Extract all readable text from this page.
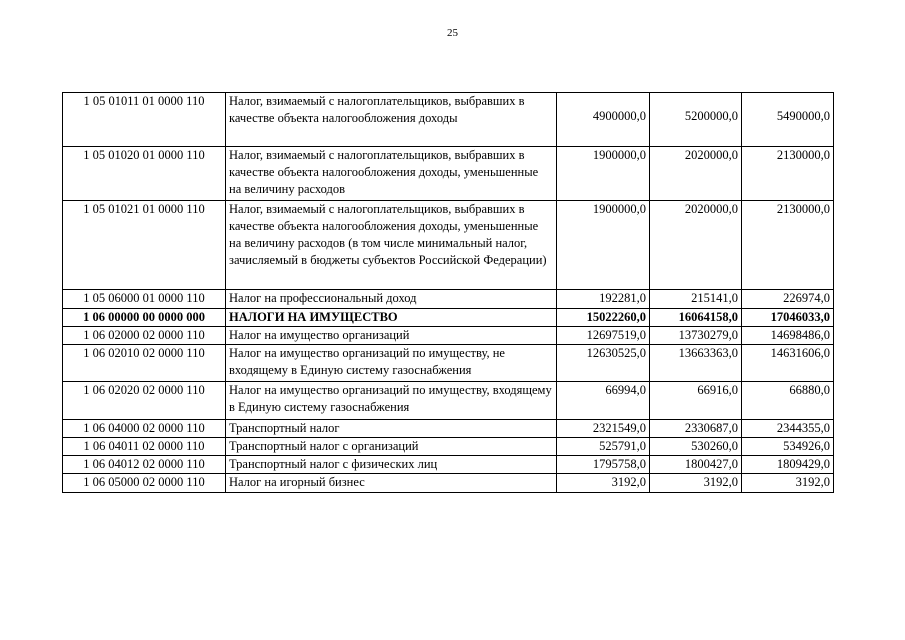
25
1 05 01011 01 0000 110	Налог, взимаемый с налогоплательщиков, выбравших в качестве объекта налогообложения доходы	4900000,0	5200000,0	5490000,0
1 05 01020 01 0000 110	Налог, взимаемый с налогоплательщиков, выбравших в качестве объекта налогообложения доходы, уменьшенные на величину расходов	1900000,0	2020000,0	2130000,0
1 05 01021 01 0000 110	Налог, взимаемый с налогоплательщиков, выбравших в качестве объекта налогообложения доходы, уменьшенные на величину расходов (в том числе минимальный налог, зачисляемый в бюджеты субъектов Российской Федерации)	1900000,0	2020000,0	2130000,0
1 05 06000 01 0000 110	Налог на профессиональный доход	192281,0	215141,0	226974,0
1 06 00000 00 0000 000	НАЛОГИ НА ИМУЩЕСТВО	15022260,0	16064158,0	17046033,0
1 06 02000 02 0000 110	Налог на имущество организаций	12697519,0	13730279,0	14698486,0
1 06 02010 02 0000 110	Налог на имущество организаций по имуществу, не входящему в Единую систему газоснабжения	12630525,0	13663363,0	14631606,0
1 06 02020 02 0000 110	Налог на имущество организаций по имуществу, входящему в Единую систему газоснабжения	66994,0	66916,0	66880,0
1 06 04000 02 0000 110	Транспортный налог	2321549,0	2330687,0	2344355,0
1 06 04011 02 0000 110	Транспортный налог с организаций	525791,0	530260,0	534926,0
1 06 04012 02 0000 110	Транспортный налог с физических лиц	1795758,0	1800427,0	1809429,0
1 06 05000 02 0000 110	Налог на игорный бизнес	3192,0	3192,0	3192,0
